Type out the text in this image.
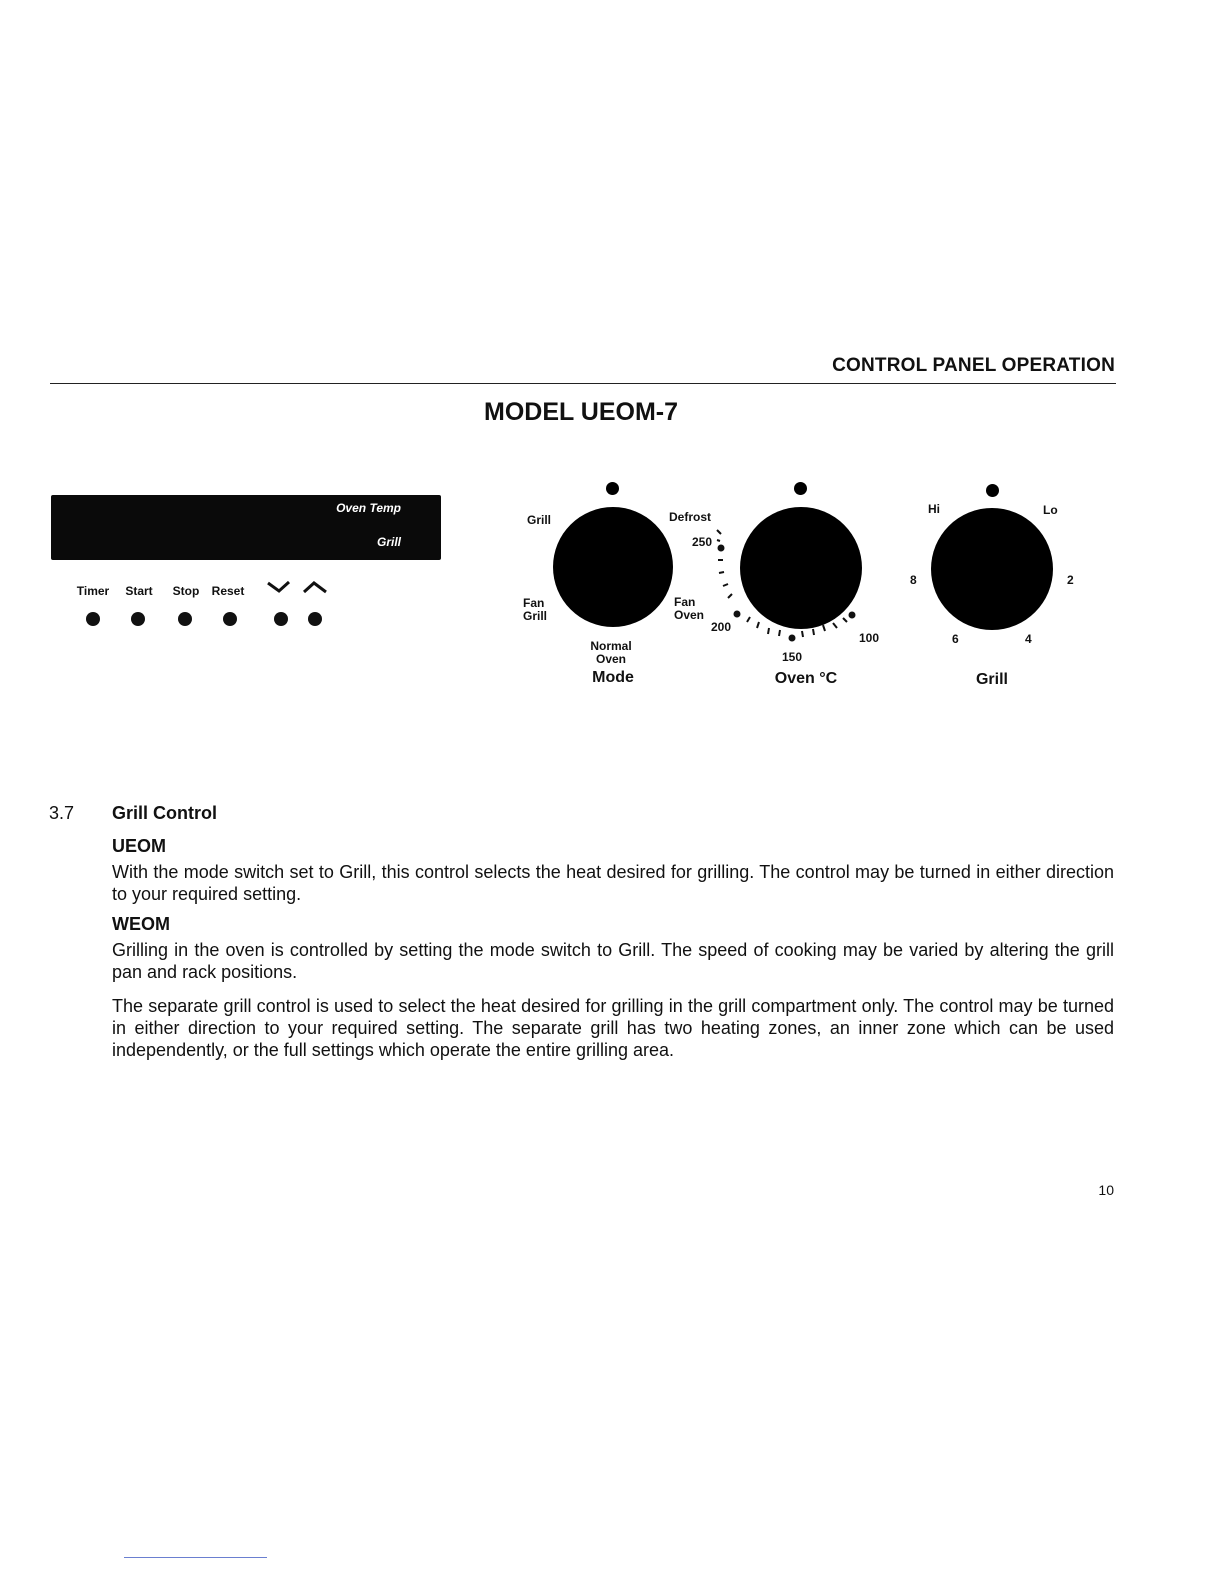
CONTROL PANEL OPERATION
MODEL UEOM-7
Oven Temp
Grill
Timer	Start	Stop	Reset
Grill	Defrost
Fan
Grill
Fan
Oven
Normal
Oven
Mode
250
200
150
100
Oven °C
Hi	Lo
8	2
6	4
Grill
3.7 Grill Control
UEOM
With the mode switch set to Grill, this control selects the heat desired for grilling. The control may be turned in either direction to your required setting.
WEOM
Grilling in the oven is controlled by setting the mode switch to Grill. The speed of cooking may be varied by altering the grill pan and rack positions.
The separate grill control is used to select the heat desired for grilling in the grill compartment only. The control may be turned in either direction to your required setting. The separate grill has two heating zones, an inner zone which can be used independently, or the full settings which operate the entire grilling area.
10
